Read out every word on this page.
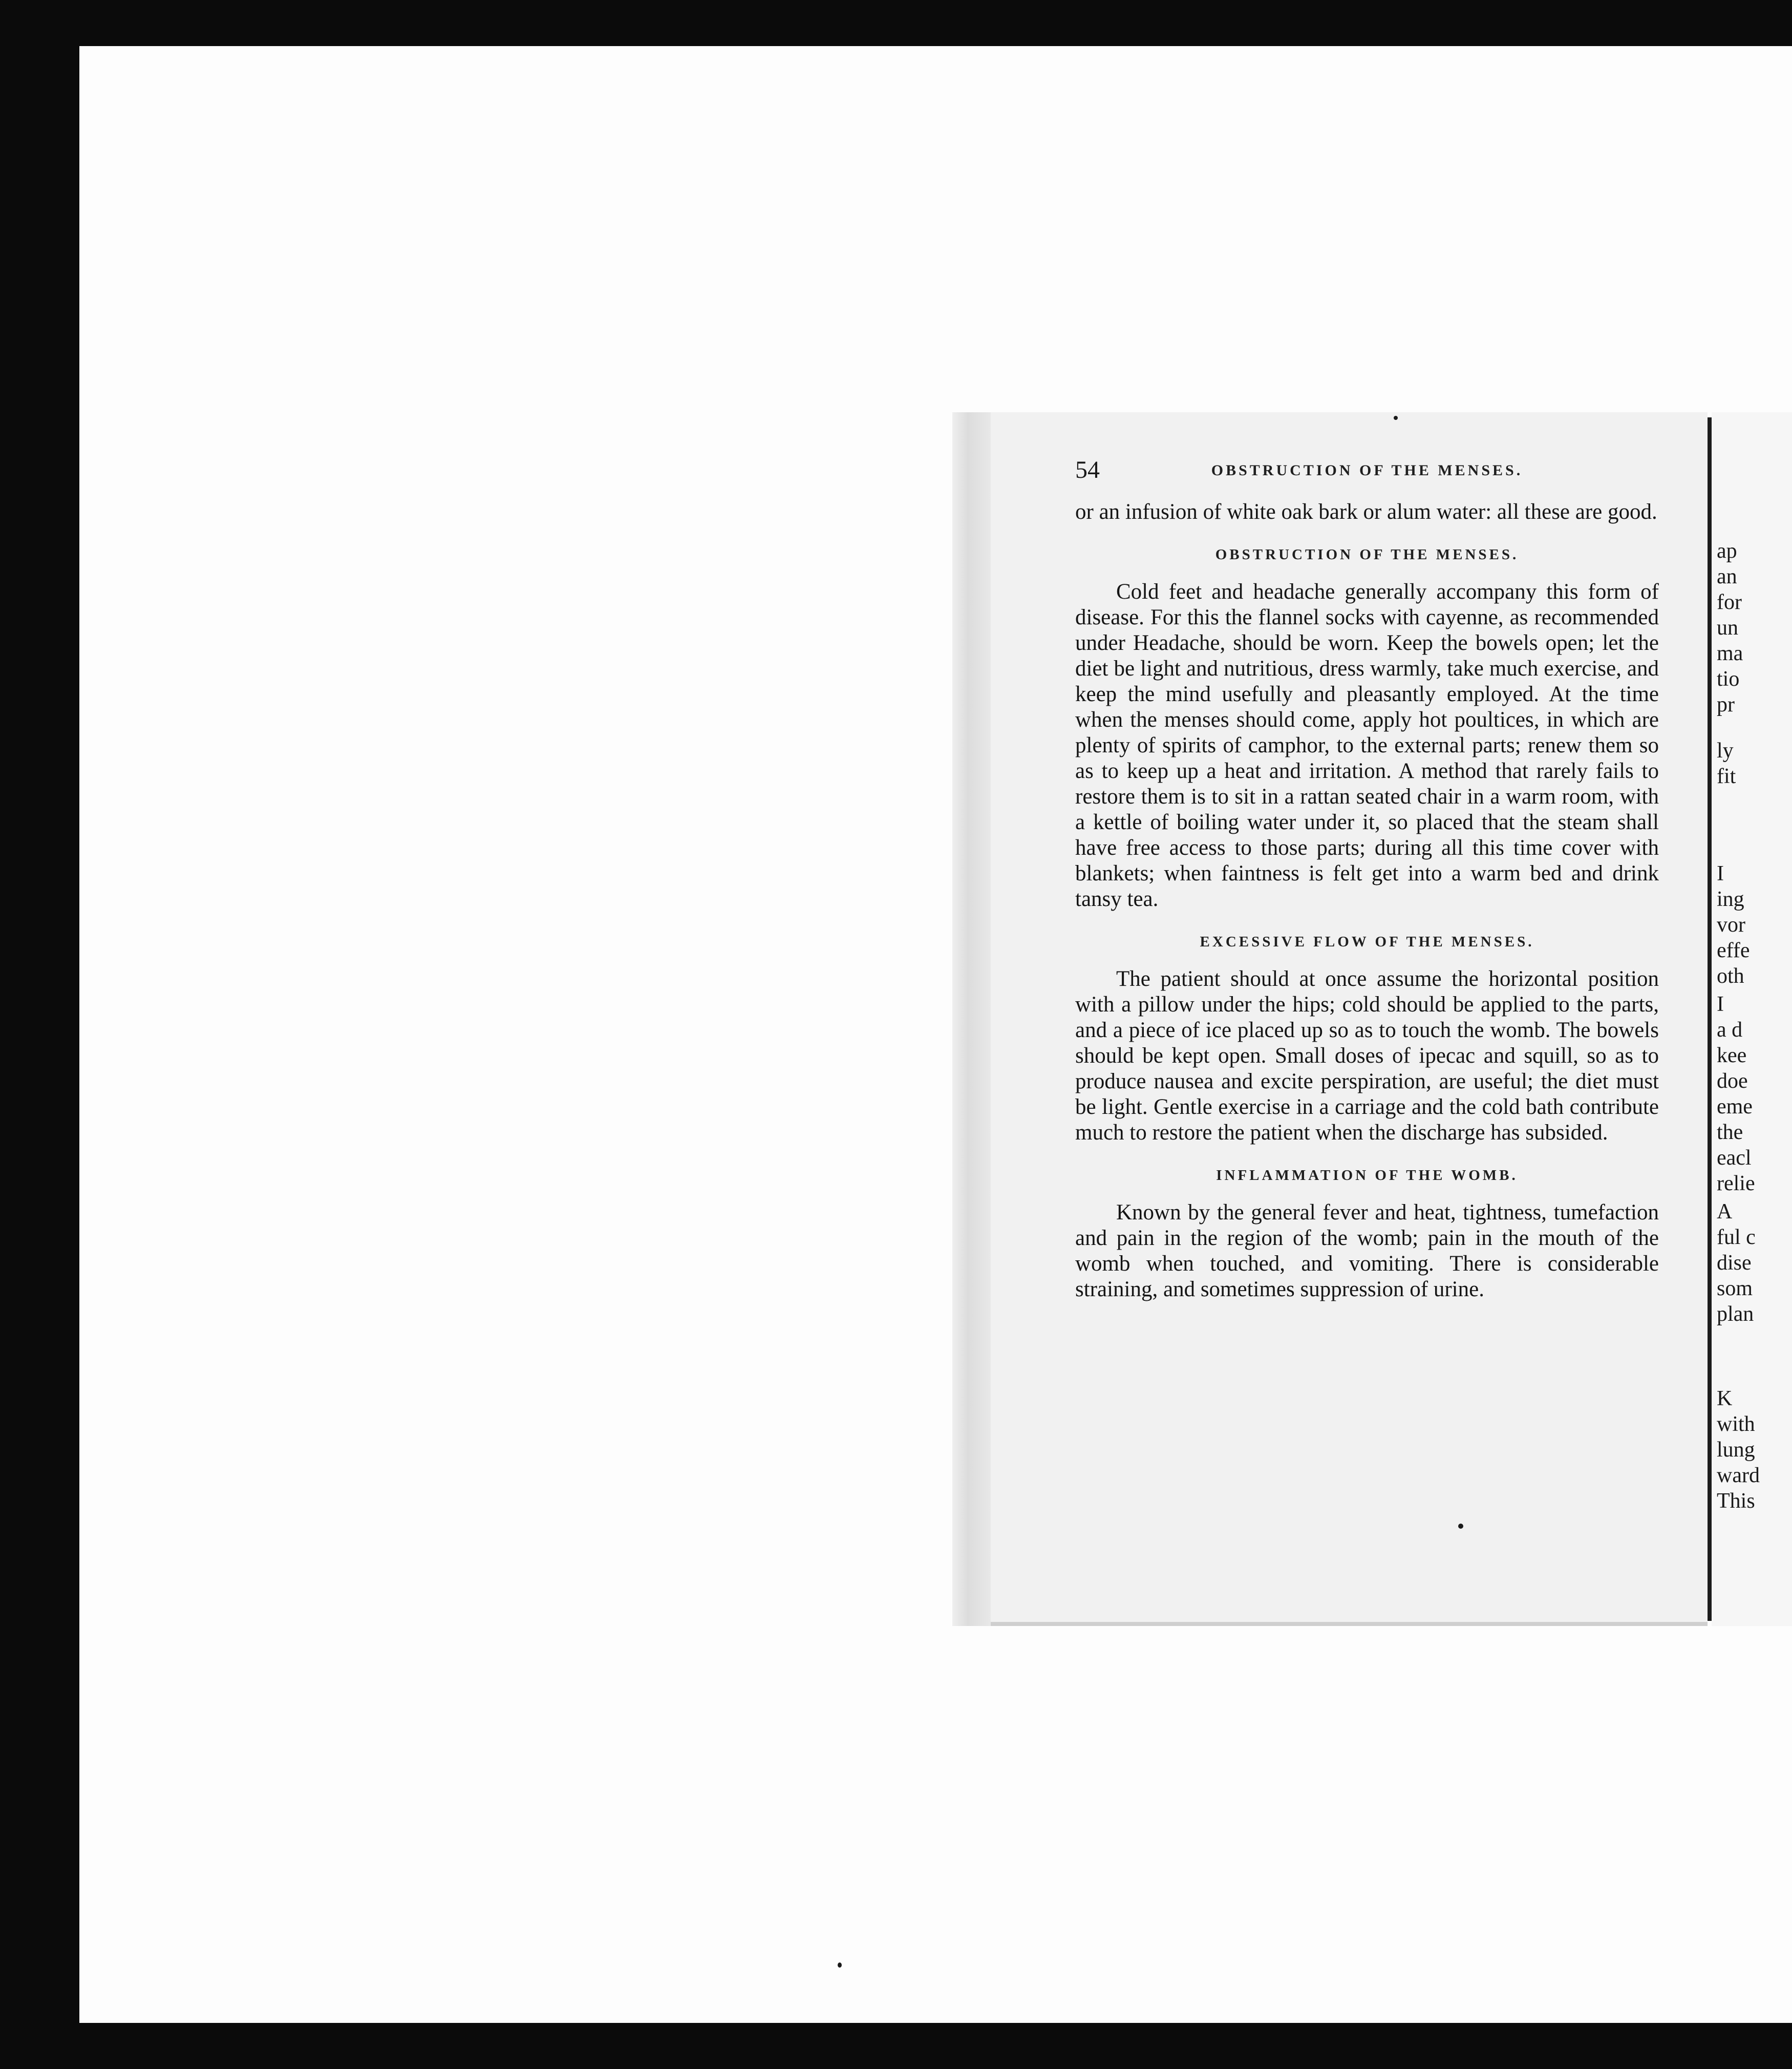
54	OBSTRUCTION OF THE MENSES.

or an infusion of white oak bark or alum water: all these are good.

OBSTRUCTION OF THE MENSES.

Cold feet and headache generally accompany this form of disease. For this the flannel socks with cayenne, as recommended under Headache, should be worn. Keep the bowels open; let the diet be light and nutritious, dress warmly, take much exercise, and keep the mind usefully and pleasantly employed. At the time when the menses should come, apply hot poultices, in which are plenty of spirits of camphor, to the external parts; renew them so as to keep up a heat and irritation. A method that rarely fails to restore them is to sit in a rattan seated chair in a warm room, with a kettle of boiling water under it, so placed that the steam shall have free access to those parts; during all this time cover with blankets; when faintness is felt get into a warm bed and drink tansy tea.

EXCESSIVE FLOW OF THE MENSES.

The patient should at once assume the horizontal position with a pillow under the hips; cold should be applied to the parts, and a piece of ice placed up so as to touch the womb. The bowels should be kept open. Small doses of ipecac and squill, so as to produce nausea and excite perspiration, are useful; the diet must be light. Gentle exercise in a carriage and the cold bath contribute much to restore the patient when the discharge has subsided.

INFLAMMATION OF THE WOMB.

Known by the general fever and heat, tightness, tumefaction and pain in the region of the womb; pain in the mouth of the womb when touched, and vomiting. There is considerable straining, and sometimes suppression of urine.

ap
an
for
un
ma
tio
pr
ly
fit
I
ing
vor
effe
oth
I
a d
kee
doe
eme
the
eacl
relie
A
ful c
dise
som
plan
K
with
lung
ward
This
